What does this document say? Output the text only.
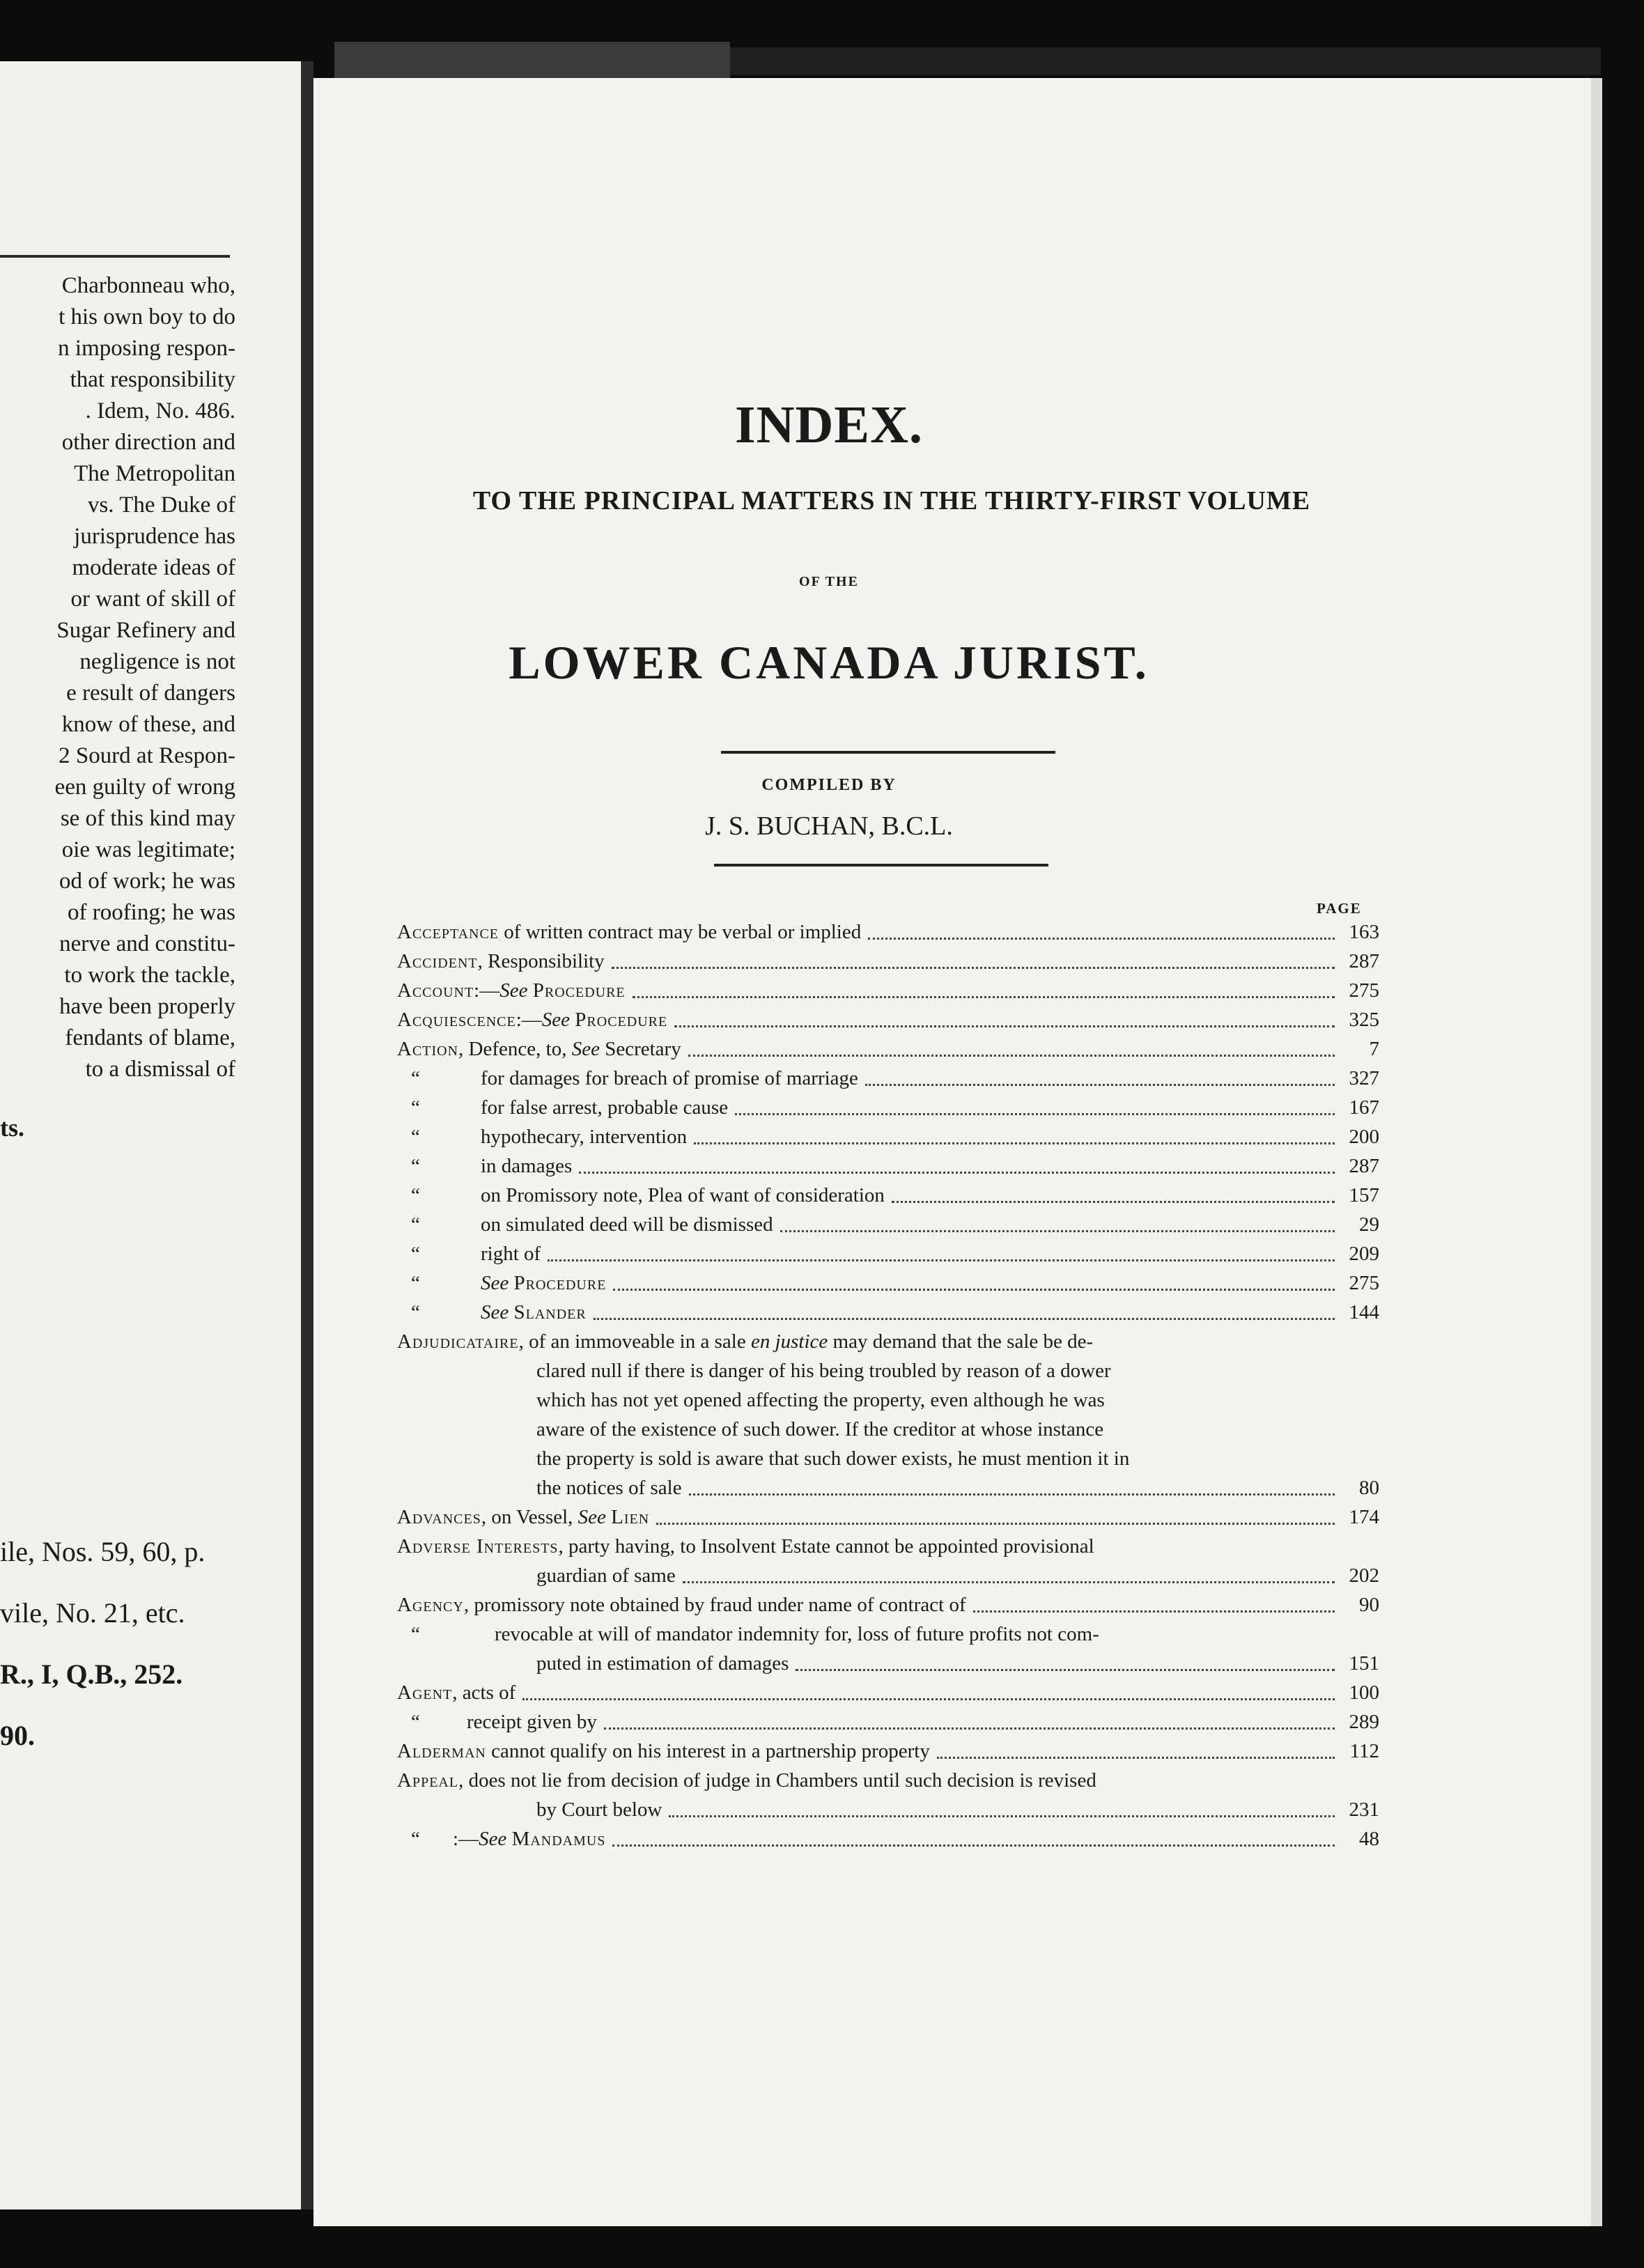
Charbonneau who,
t his own boy to do
n imposing respon-
that responsibility
. Idem, No. 486.
other direction and
The Metropolitan
vs. The Duke of
jurisprudence has
moderate ideas of
or want of skill of
Sugar Refinery and
negligence is not
e result of dangers
know of these, and
2 Sourd at Respon-
een guilty of wrong
se of this kind may
oie was legitimate;
od of work; he was
of roofing; he was
nerve and constitu-
to work the tackle,
have been properly
fendants of blame,
to a dismissal of
ts.
ile, Nos. 59, 60, p.
vile, No. 21, etc.
R., I, Q.B., 252.
90.
INDEX.
TO THE PRINCIPAL MATTERS IN THE THIRTY-FIRST VOLUME
OF THE
LOWER CANADA JURIST.
COMPILED BY
J. S. BUCHAN, B.C.L.
PAGE
Acceptance of written contract may be verbal or implied	163
Accident, Responsibility	287
Account:—See Procedure	275
Acquiescence:—See Procedure	325
Action, Defence, to, See Secretary	7
“	for damages for breach of promise of marriage	327
“	for false arrest, probable cause	167
“	hypothecary, intervention	200
“	in damages	287
“	on Promissory note, Plea of want of consideration	157
“	on simulated deed will be dismissed	29
“	right of	209
“	See Procedure	275
“	See Slander	144
Adjudicataire, of an immoveable in a sale en justice may demand that the sale be de-
clared null if there is danger of his being troubled by reason of a dower
which has not yet opened affecting the property, even although he was
aware of the existence of such dower. If the creditor at whose instance
the property is sold is aware that such dower exists, he must mention it in
the notices of sale	80
Advances, on Vessel, See Lien	174
Adverse Interests, party having, to Insolvent Estate cannot be appointed provisional
guardian of same	202
Agency, promissory note obtained by fraud under name of contract of	90
“	revocable at will of mandator indemnity for, loss of future profits not com-
puted in estimation of damages	151
Agent, acts of	100
“ receipt given by	289
Alderman cannot qualify on his interest in a partnership property	112
Appeal, does not lie from decision of judge in Chambers until such decision is revised
by Court below	231
“ :—See Mandamus	48
